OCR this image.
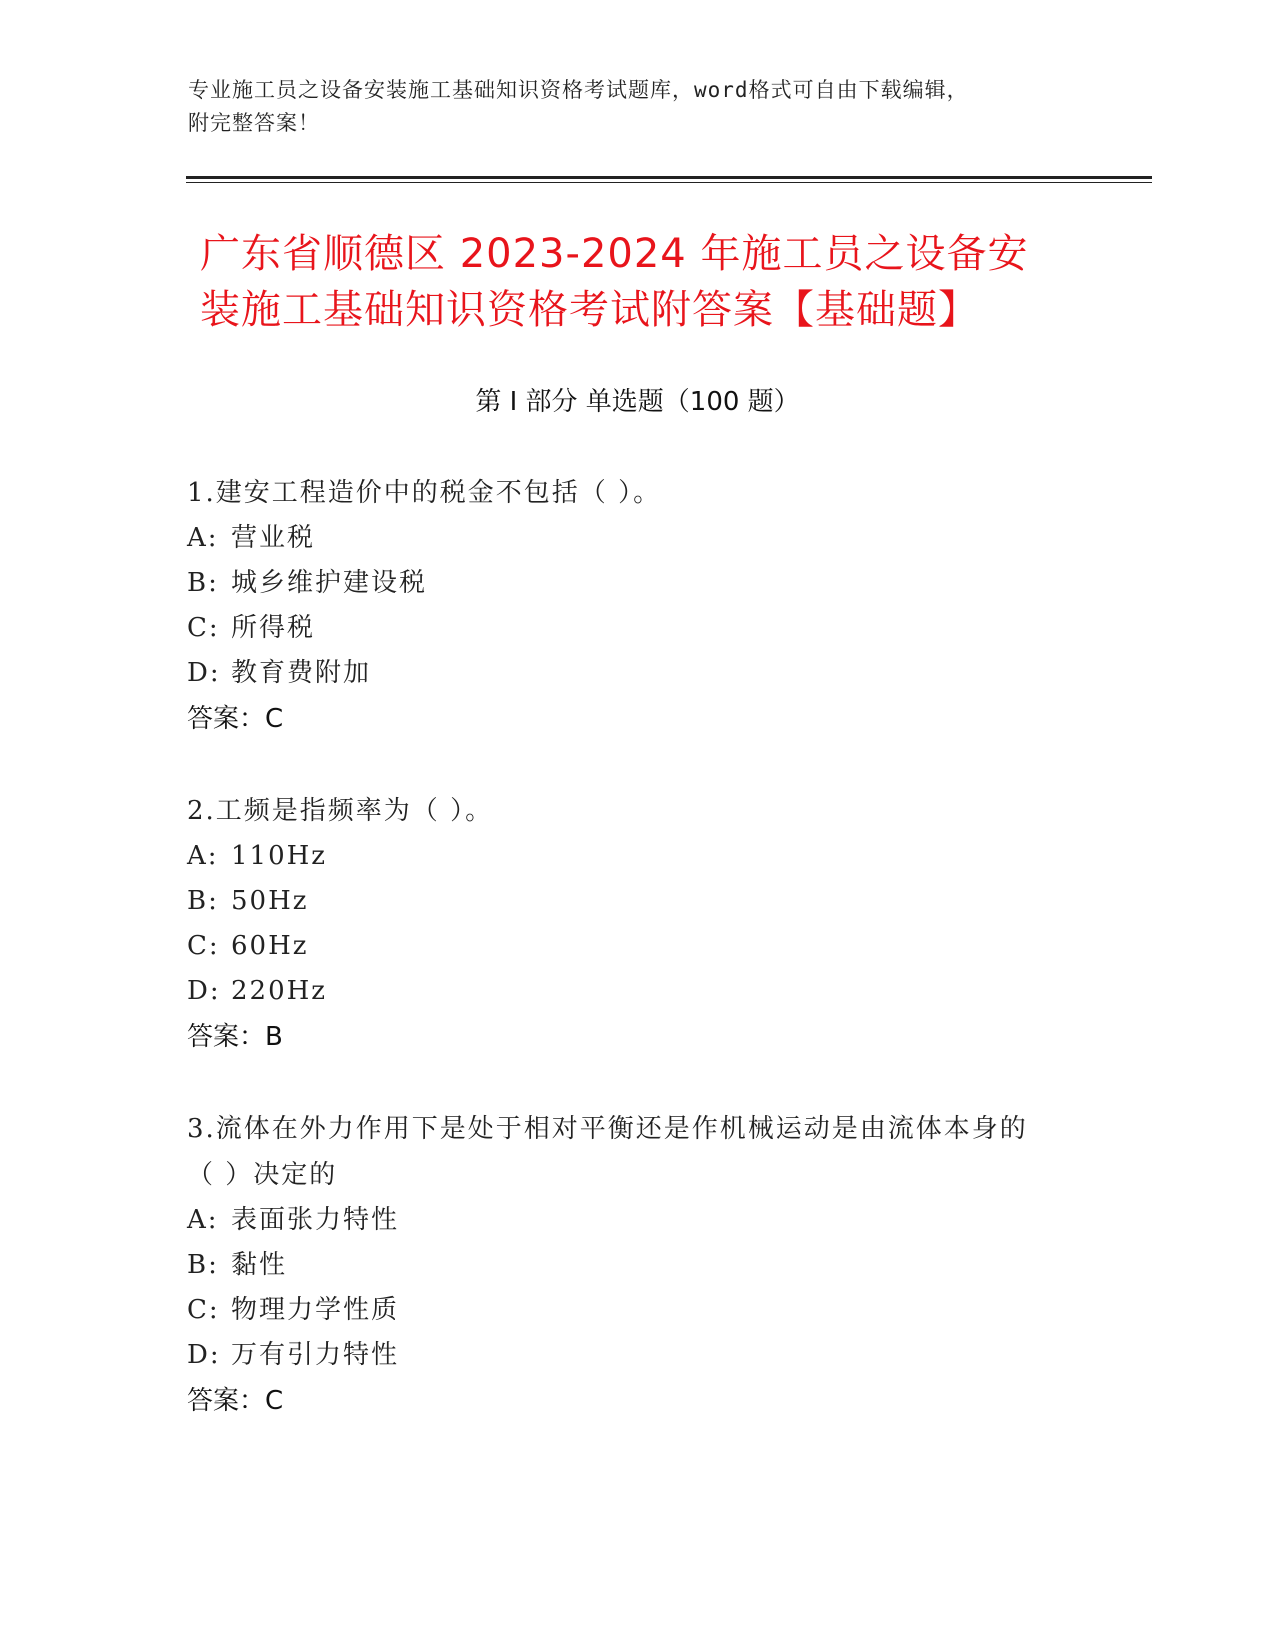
专业施工员之设备安装施工基础知识资格考试题库，word格式可自由下载编辑，
附完整答案！
广东省顺德区 2023-2024 年施工员之设备安
装施工基础知识资格考试附答案【基础题】
第 I 部分 单选题（100 题）
1.建安工程造价中的税金不包括（ ）。
A: 营业税
B: 城乡维护建设税
C: 所得税
D: 教育费附加
答案：C
2.工频是指频率为（ ）。
A: 110Hz
B: 50Hz
C: 60Hz
D: 220Hz
答案：B
3.流体在外力作用下是处于相对平衡还是作机械运动是由流体本身的
（ ）决定的
A: 表面张力特性
B: 黏性
C: 物理力学性质
D: 万有引力特性
答案：C
